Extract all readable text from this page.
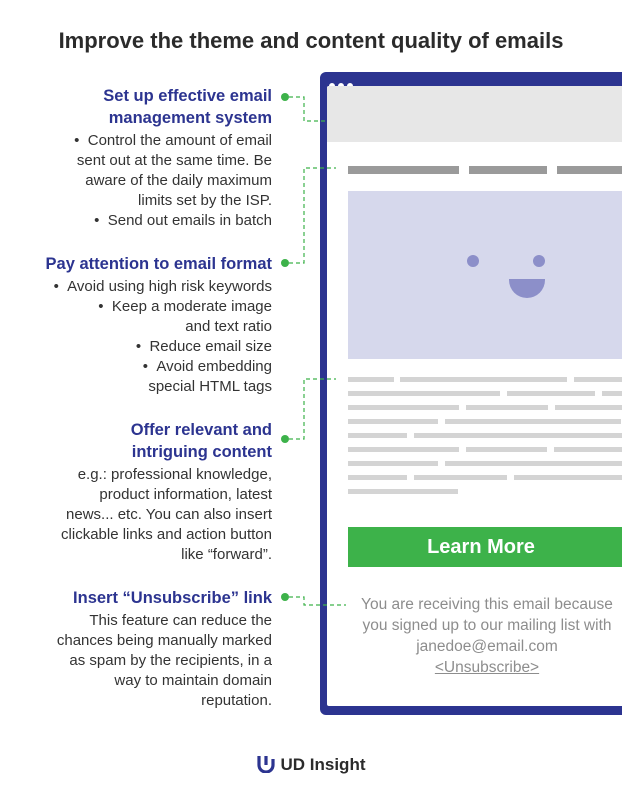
Improve the theme and content quality of emails
Set up effective email
management system
•  Control the amount of email
sent out at the same time. Be
aware of the daily maximum
limits set by the ISP.
•  Send out emails in batch
Pay attention to email format
•  Avoid using high risk keywords
•  Keep a moderate image
and text ratio
•  Reduce email size
•  Avoid embedding
special HTML tags
Offer relevant and
intriguing content
e.g.: professional knowledge,
product information, latest
news... etc. You can also insert
clickable links and action button
like “forward”.
Insert “Unsubscribe” link
This feature can reduce the
chances being manually marked
as spam by the recipients, in a
way to maintain domain
reputation.
Learn More
You are receiving this email because
you signed up to our mailing list with
janedoe@email.com
<Unsubscribe>
UD Insight
